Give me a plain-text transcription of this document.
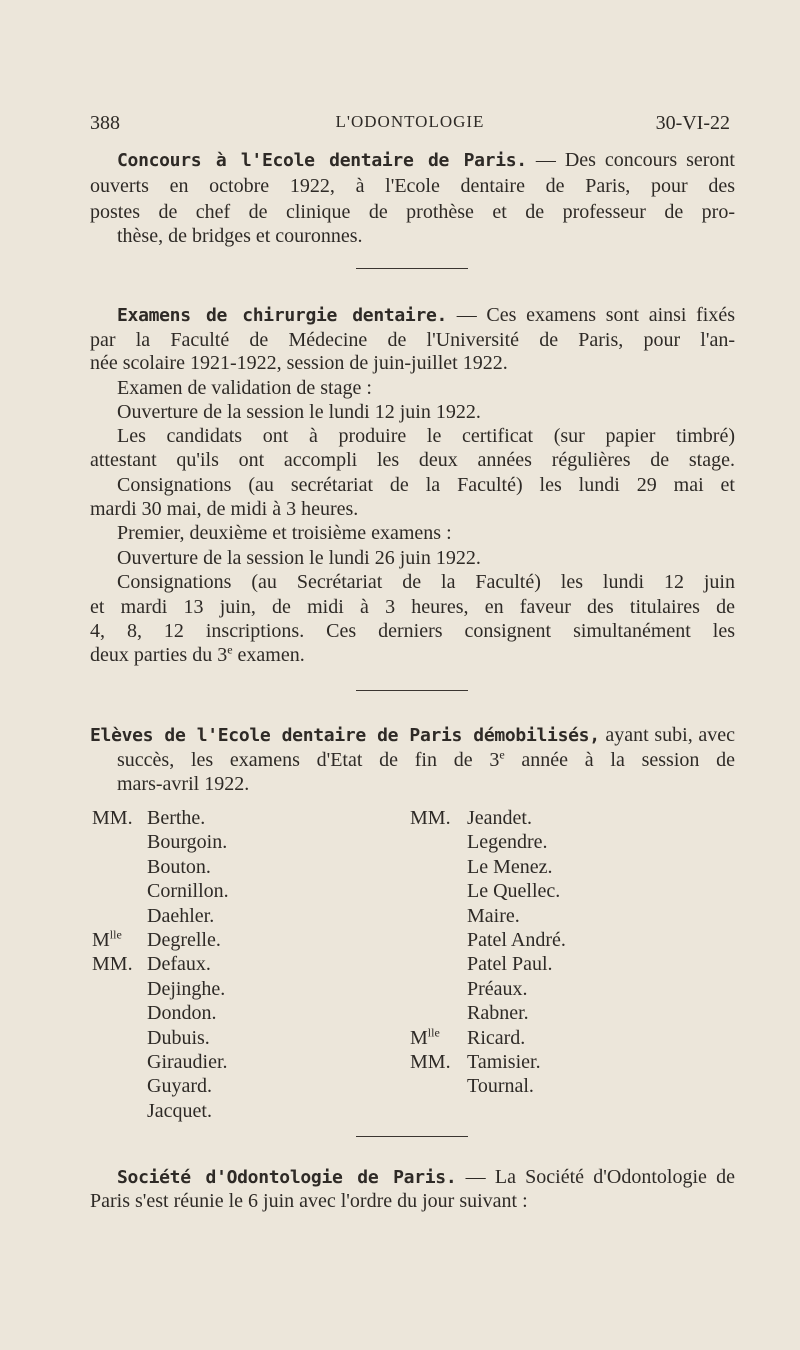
388	L'ODONTOLOGIE	30-VI-22
Concours à l'Ecole dentaire de Paris. — Des concours seront
ouverts en octobre 1922, à l'Ecole dentaire de Paris, pour des
postes de chef de clinique de prothèse et de professeur de pro-
thèse, de bridges et couronnes.
Examens de chirurgie dentaire. — Ces examens sont ainsi fixés
par la Faculté de Médecine de l'Université de Paris, pour l'an-
née scolaire 1921-1922, session de juin-juillet 1922.
Examen de validation de stage :
Ouverture de la session le lundi 12 juin 1922.
Les candidats ont à produire le certificat (sur papier timbré)
attestant qu'ils ont accompli les deux années régulières de stage.
Consignations (au secrétariat de la Faculté) les lundi 29 mai et
mardi 30 mai, de midi à 3 heures.
Premier, deuxième et troisième examens :
Ouverture de la session le lundi 26 juin 1922.
Consignations (au Secrétariat de la Faculté) les lundi 12 juin
et mardi 13 juin, de midi à 3 heures, en faveur des titulaires de
4, 8, 12 inscriptions. Ces derniers consignent simultanément les
deux parties du 3e examen.
Elèves de l'Ecole dentaire de Paris démobilisés, ayant subi, avec
succès, les examens d'Etat de fin de 3e année à la session de
mars-avril 1922.
MM. Berthe.
Bourgoin.
Bouton.
Cornillon.
Daehler.
$M^{lle}$ Degrelle.
MM. Defaux.
Dejinghe.
Dondon.
Dubuis.
Giraudier.
Guyard.
Jacquet.
MM. Jeandet.
Legendre.
Le Menez.
Le Quellec.
Maire.
Patel André.
Patel Paul.
Préaux.
Rabner.
$M^{lle}$ Ricard.
MM. Tamisier.
Tournal.
Société d'Odontologie de Paris. — La Société d'Odontologie de
Paris s'est réunie le 6 juin avec l'ordre du jour suivant :
